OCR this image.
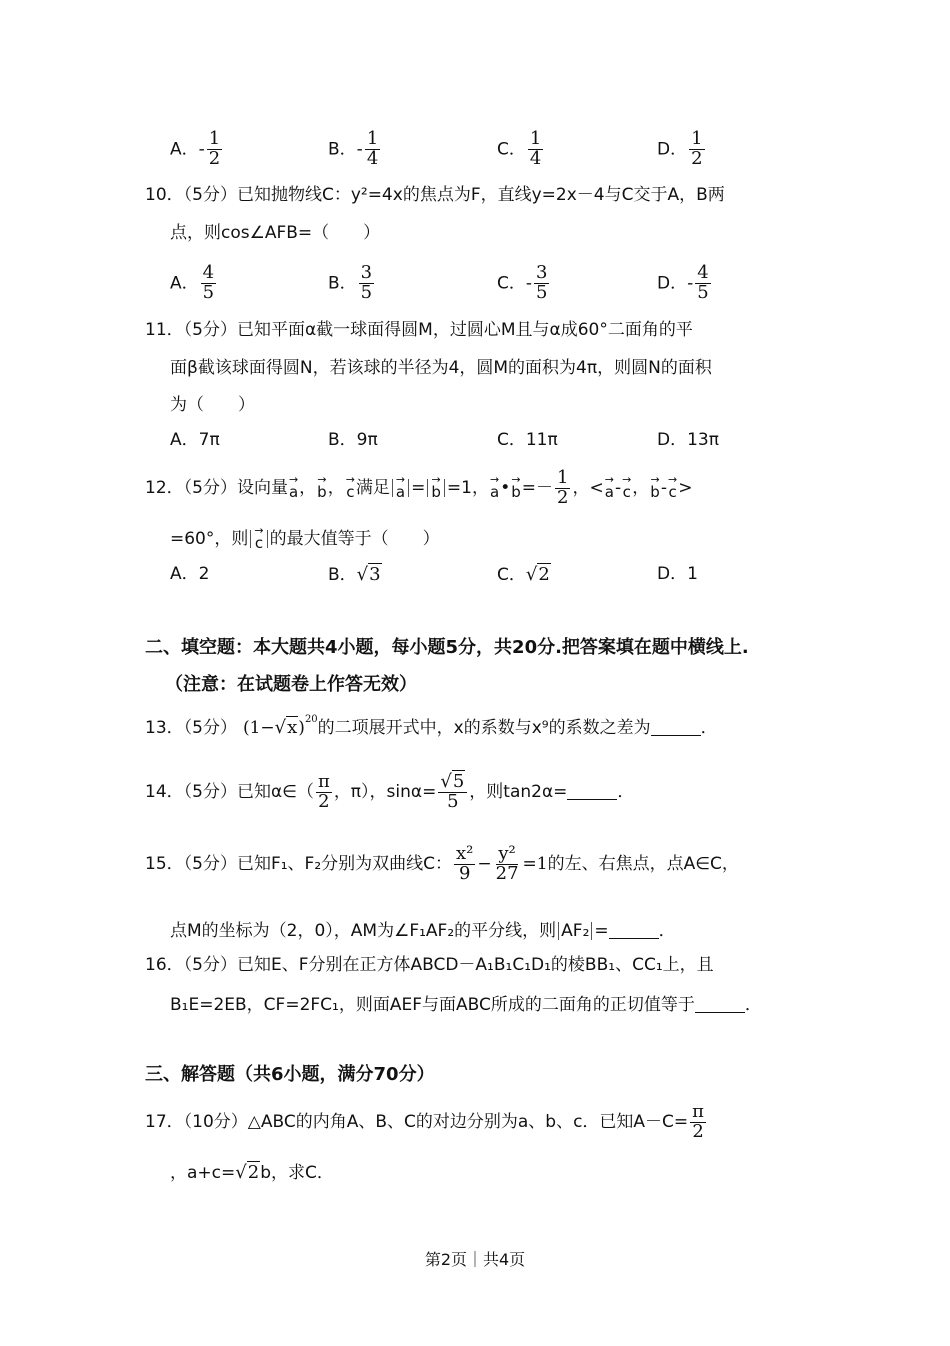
A．- $\frac{1}{2}$	B．- $\frac{1}{4}$	C． $\frac{1}{4}$	D． $\frac{1}{2}$
10．（5分）已知抛物线C：y²=4x的焦点为F，直线y=2x－4与C交于A，B两
点，则cos∠AFB=（　　）
A． $\frac{4}{5}$	B． $\frac{3}{5}$	C．- $\frac{3}{5}$	D．- $\frac{4}{5}$
11．（5分）已知平面α截一球面得圆M，过圆心M且与α成60°二面角的平
面β截该球面得圆N，若该球的半径为4，圆M的面积为4π，则圆N的面积
为（　　）
A．7π	B．9π	C．11π	D．13π
12．（5分）设向量 →
a ， →
b ， →
c 满足 →
a = →
b =1， →
a • →
$b =- \frac{1}{2}$ ，< →
a - →
c ， →
b - →
c >
=60°，则 →
c 的最大值等于（　　）
A．2	B．√3	C．√2	D．1
二、填空题：本大题共4小题，每小题5分，共20分.把答案填在题中横线上.
（注意：在试题卷上作答无效）
13．（5分） $(1-√x)^{20}$ 的二项展开式中，x的系数与x⁹的系数之差为	．
14．（5分）已知α∈（ $\frac{\pi}{2}$ ，π），$\sin\alpha= \frac{√5}{5}$ ，则tan2α=	．
15．（5分）已知F₁、F₂分别为双曲线C： $\frac{\text{x²}}{9} - \frac{\text{y²}}{27} =1$ 的左、右焦点，点A∈C，
点M的坐标为（2，0），AM为∠F₁AF₂的平分线，则 AF₂ =	．
16．（5分）已知E、F分别在正方体ABCD－A₁B₁C₁D₁的棱BB₁、CC₁上，且
B₁E=2EB，CF=2FC₁，则面AEF与面ABC所成的二面角的正切值等于	．
三、解答题（共6小题，满分70分）
17．（10分）△ABC的内角A、B、C的对边分别为a、b、c．已知$A-C= \frac{\pi}{2}$
，a+c= √2 b，求C．
第2页｜共4页
